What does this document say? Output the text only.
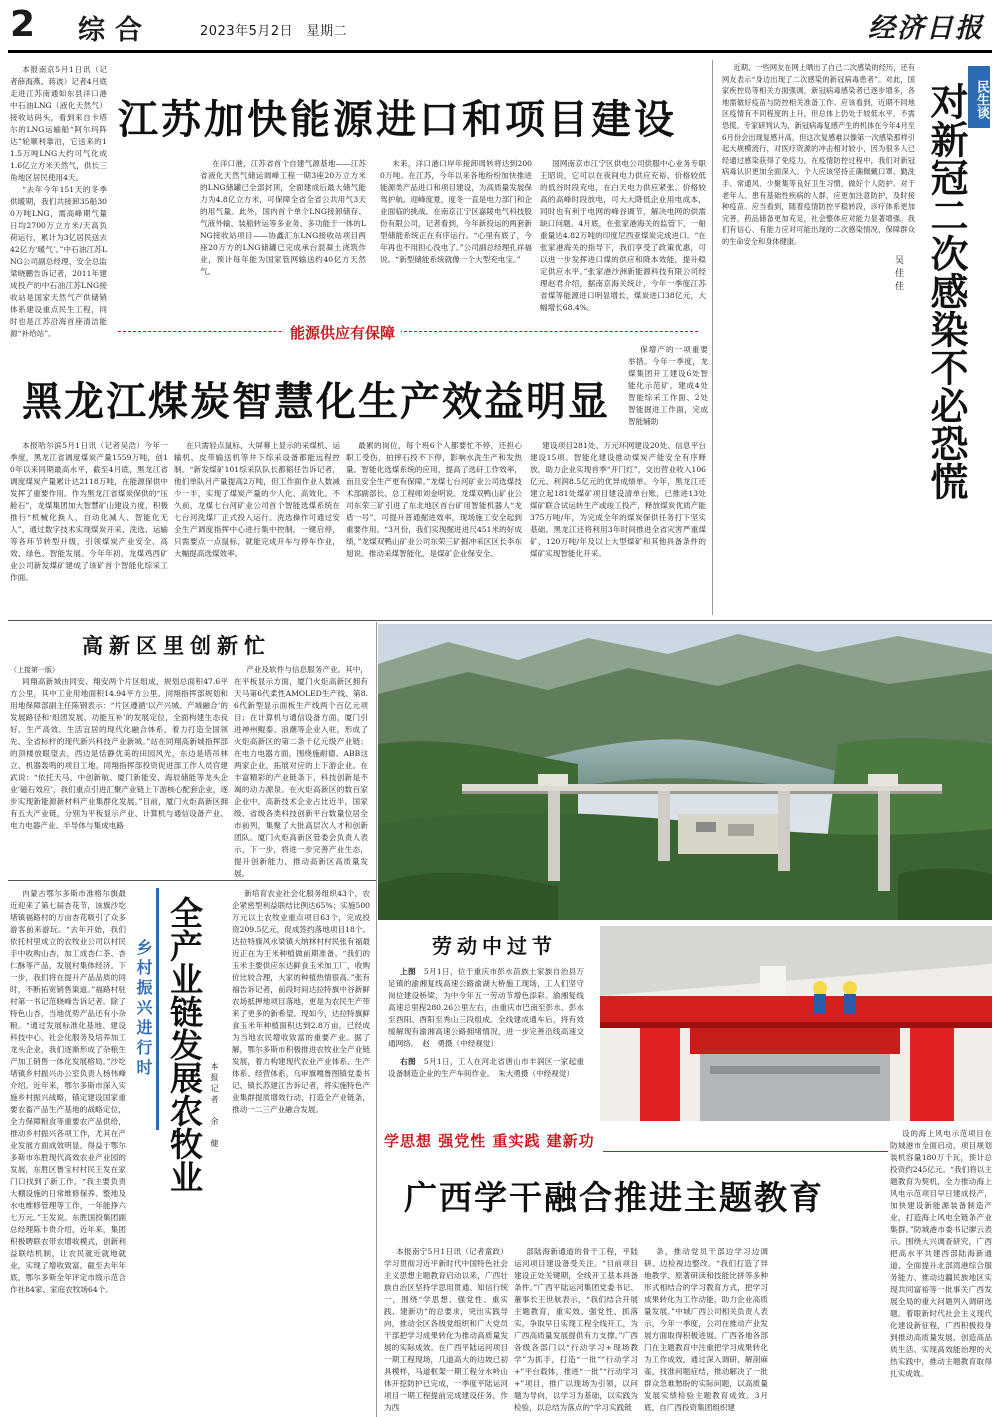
2 综合	2023年5月2日　星期二	经济日报

本报南京5月1日讯（记者薛海燕、蒋波）记者4月底走进江苏南通如东县洋口港中石油LNG（液化天然气）接收站码头，看到来自卡塔尔的LNG运输船“阿尔玛阵达”轮顺利靠泊，它送来的11.5万吨LNG大约可气化成1.6亿立方米天然气，供长三角地区居民使用4天。

“去年今年151天的冬季供暖期，我们共接卸35船300万吨LNG，需高峰期气量日均2700万立方米/天高负荷运行，累计为3亿居民送去42亿方‘暖气’。”中石油江苏LNG公司副总经理、安全总监梁晓鹏告诉记者，2011年建成投产的中石油江苏LNG接收站是国家天然气产供储销体系建设重点民生工程，同时也是江苏沿海首座清洁能源“补给站”。

江苏加快能源进口和项目建设

在洋口港，江苏省首个自建气源基地——江苏省液化天然气储运调峰工程一期3座20万立方米的LNG储罐已全部封顶，全面建成后最大储气能力为4.8亿立方米，可保障全省全省公共用气3天的用气量。此外，国内首个单个LNG接卸储存、气液外输、装船转运等多业务、多功能于一体的LNG接收站项目——协鑫汇东LNG接收站项目两座20万方的LNG储罐已完成承台混凝土浇筑作业，预计每年能为国家管网输送约40亿方天然气。

未来，洋口港口岸年接卸周转将达到2000万吨。在江苏，今年以来各地纷纷加快推进能源类产品进口和项目建设，为高质量发展保驾护航。迎峰度夏，度冬一直是电力部门和企业面临的挑战。在南京江宁区嘉陵电气科技股份有限公司，记者看到，今年新投运的两套新型储能系统正在有序运行。“心里有底了，今年再也不用担心没电了。”公司副总经理孔祥福说。“新型储能系统就像一个大型充电宝。”

国网南京市江宁区供电公司供服中心业务专职王昭说，它可以在夜间电力供应充裕、价格较低的低谷时段充电，在白天电力供应紧张、价格较高的高峰时段放电，可大大降低企业用电成本，同时也有利于电网的峰谷调节，解决电网的供需缺口问题。4月底，在张家港海关的监管下，一船重量达4.82万吨的印度尼西亚煤炭完成进口。“在张家港海关的指导下，我们享受了政策优惠，可以进一步发挥进口煤的供应和降本效能，提升稳定供应水平。”张家港沙洲新能源科技有限公司经理赵君介绍，据南京海关统计，今年一季度江苏省煤等能源进口明显增长，煤炭进口38亿元，大幅增长68.4%。

近期，一些网友在网上晒出了自己二次感染的经历，还有网友表示“身边出现了二次感染的新冠病毒患者”。对此，国家疾控局等相关方面强调，新冠病毒感染者已逐步增多，各地需做好疫苗与防控相关准备工作。应该看到，近期不同地区疫情有不同程度的上升，但总体上仍处于较低水平，不需恐慌。专家研判认为，新冠病毒复感产生的机体在今年4月至6月份会出现复感升高，但这次复感难以像第一次感染那样引起大规模流行，对医疗资源的冲击相对较小，因为很多人已经通过感染获得了免疫力。在疫情防控过程中，我们对新冠病毒认识更加全面深入。个人应该坚持正确佩戴口罩、勤洗手、常通风、少聚集等良好卫生习惯，做好个人防护。对于老年人、患有基础性疾病的人群，应更加注意防护，及时接种疫苗。应当看到，随着疫情防控平稳转段，诊疗体系更加完善，药品储备更加充足，社会整体应对能力显著增强。我们有信心、有能力应对可能出现的二次感染情况，保障群众的生命安全和身体健康。

民生谈
对新冠二次感染不必恐慌
吴佳佳
能源供应有保障
黑龙江煤炭智慧化生产效益明显

保增产的一项重要举措。今年一季度，龙煤集团开工建设6处智能化示范矿，建成4处智能综采工作面、2处智能掘进工作面，完成智能辅助

本报哈尔滨5月1日讯（记者吴浩）今年一季度，黑龙江省调度煤炭产量1559万吨，创10年以来同期最高水平，截至4月底，黑龙江省调度煤炭产量累计达2118万吨，在能源保供中发挥了重要作用。作为黑龙江省煤炭保供的“压舱石”，龙煤集团加大智慧矿山建设力度，积极推行“机械化换人、自动化减人、智能化无人”，通过数字技术实现煤炭开采、洗选、运输等各环节转型升级，引领煤炭产业安全、高效、绿色、智能发展。今年年初，龙煤鸡西矿业公司新发煤矿建成了该矿首个智能化综采工作面。

在只需轻点鼠标，大屏幕上显示的采煤机、运输机、皮带输送机等井下综采设备都能远程控制。“新发煤矿101综采队队长都韬任告诉记者，他们单队月产量提高2万吨，但工作面作业人数减少一半，实现了煤炭产量的少人化、高效化。不久前，龙煤七台河矿业公司首个智能选煤系统在七台河洗煤厂正式投入运行。洗选操作可通过安全生产调度指挥中心进行集中控制，一键启停，只需要点一点鼠标，就能完成开车与停车作业，大幅提高选煤效率。

最累的岗位，每个班6个人都要忙不停，还担心职工受伤，拍摔石投不下停，影响水洗生产和发热量。智能化选煤系统的应用，提高了选矸工作效率，而且安全生产更有保障。”龙煤七台河矿业公司选煤技术部副部长、总工程师刘金明说。龙煤双鸭山矿业公司东荣三矿引进了东北地区首台矿用智能机器人“龙盾一号”，可提升普通掘进效率，现场施工安全起到重要作用。“3月份，我们实现掘进进尺451米的好成绩，”龙煤双鸭山矿业公司东荣三矿掘冲采区区长李东旭说。推动采煤智能化，是煤矿企业保安全、

建设项目281处、万元环网建设20处、信息平台建设15项。智能化建设推动煤炭产能安全有序释放，助力企业实现首季“开门红”，交出营业收入106亿元、利润8.5亿元的优异成绩单。今年，黑龙江还建立起181处煤矿项目建设清单台账，已推进13处煤矿联合试运转生产或竣工投产，释放煤炭优质产能375万吨/年，为完成全年的煤炭保供任务打下坚实基础。黑龙江还将利用3年时间推进全省灾害严重煤矿、120万吨/年及以上大型煤矿和其他具备条件的煤矿实现智能化开采。

高新区里创新忙
（上接第一版）

同翔高新城由同安、翔安两个片区组成，规划总面积47.6平方公里，其中工业用地面积14.94平方公里。同翔指挥部规划和用地保障部副主任陈钢表示：“片区遵循‘以产兴城、产城融合’的发展路径和‘组团发展、功能互补’的发展定位，全面构建生态良好、生产高效、生活宜居的现代化融合体系，着力打造全国领先、全省标杆的现代新兴科技产业新城。”站在同翔高新城指挥部的顶楼放眼望去，西边是恬静优美的田园风光，东边是塔吊林立、机器轰鸣的项目工地。同翔指挥部投资促进部工作人员官建武说：“依托天马、中创新航、厦门新能安、海辰储能等龙头企业‘磁石效应’，我们重点引进汇聚产业链上下游核心配套企业，逐步实现新能源新材料产业集群化发展。”目前，厦门火炬高新区拥有五大产业链，分别为平板显示产业、计算机与通信设备产业、电力电器产业、半导体与集成电路

产业及软件与信息服务产业。其中，在平板显示方面，厦门火炬高新区拥有天马第6代柔性AMOLED生产线、第8.6代新型显示面板生产线两个百亿元项目；在计算机与通信设备方面，厦门引进神州鲲泰、浪潮等企业入驻，形成了火炬高新区的第二条千亿元级产业链；在电力电器方面，围绕施耐德、ABB这两家企业，拓展对应的上下游企业。在丰富精彩的产业链条下，科技创新是不竭的动力源泉。在火炬高新区的数百家企业中，高新技术企业占比近半，国家级、省级各类科技创新平台数量位居全市前列，集聚了大批高层次人才和创新团队。厦门火炬高新区管委会负责人表示，下一步，将进一步完善产业生态，提升创新能力，推动高新区高质量发展。

内蒙古鄂尔多斯市准格尔旗最近迎来了第七届杏花节，该旗沙圪堵镇福路村的万亩杏花吸引了众多游客前来游玩。“去年开始，我们依托村里成立的农牧业公司以村民手中收购山杏，加工成杏仁茶、杏仁酥等产品，发展村集体经济。下一步，我们将在提升产品品质的同时，不断拓宽销售渠道。”福路村驻村第一书记范晓峰告诉记者。除了特色山杏，当地优势产品还有小杂粮。“通过发展标准化基地、建设科技中心、社会化服务及培养加工龙头企业，我们逐渐形成了杂粮生产加工销售一体化发展格局。”沙圪堵镇乡村振兴办公室负责人杨伟峰介绍。近年来，鄂尔多斯市深入实施乡村振兴战略，锚定建设国家重要农畜产品生产基地的战略定位，全力保障粮食等重要农产品供给，推动乡村振兴各项工作，尤其在产业发展方面成效明显。得益于鄂尔多斯市东胜现代高效农业产业园的发展，东胜区鲁宝村村民王发在家门口找到了新工作。“我主要负责大棚设施的日常维修保养、整地及水电维修管理等工作，一年能挣六七万元。”王发说。东胜国投集团副总经理陈卡贵介绍，近年来，集团积极聘联农带农增收模式，创新利益联结机制，让农民就近就地就业，实现了增收致富。截至去年年底，鄂尔多斯全年评定市级示范合作社84家、家庭农牧场64个。

乡村振兴进行时 全产业链发展农牧业 本报记者　余　健

新培育农业社会化服务组织43个，农企紧密型利益联结比例达65%；实施500万元以上农牧业重点项目63个，完成投资209.5亿元，促成签约落地项目18个。达拉特旗风水梁镇大纳林村村民张有福最近正在为王米种植做前期准备。“我们的玉米主要供应东达鲜食玉米加工厂，收购价比较合理，大家的种植热情很高。”张有福告诉记者，前段时间达拉特旗中谷新鲜农场抵押地项目落地，更是为农民生产带来了更多的新希望。现如今，达拉特旗鲜食玉米年种植面积达到2.8万亩，已经成为当地农民增收致富的重要产业。据了解，鄂尔多斯市积极推进农牧业全产业链发展，着力构建现代农业产业体系、生产体系、经营体系。乌审旗嘎鲁图镇党委书记、镇长苏建江告诉记者，将实施特色产业集群提质增效行动，打造全产业链条，推动一二三产业融合发展。

劳动中过节

上图　 5月1日，位于重庆市彭水苗族土家族自治县万足镇的渝湘复线高速公路渝湖大桥施工现场，工人们坚守岗位建设桥梁，为中今年五一劳动节增色添彩。渝湘复线高速总里程280.26公里左右，由重庆市巴南至彭水、彭水至酉阳、酉阳至秀山三段组成。全线建成通车后，将有效缓解现有渝湘高速公路拥堵情况，进一步完善沿线高速交通网络。　 赵　勇摄（中经视觉）

右图　 5月1日，工人在河北省唐山市丰润区一家起重设备制造企业的生产车间作业。　 朱大勇摄（中经视觉）

学思想 强党性 重实践 建新功
广西学干融合推进主题教育

设的海上风电示范项目在防城港市全面启动，项目规划装机容量180万千瓦，预计总投资约245亿元。“我们将以主题教育为契机，全力推动海上风电示范项目早日建成投产，加快建设新能源装备制造产业，打造海上风电全链条产业集群。”防城港市委书记廖云表示。围绕大兴调查研究，广西把高水平共建西部陆海新通道、全面提升北部湾港综合服务能力、推动边疆民族地区实现共同富裕等一批事关广西发展全局的重大问题列入调研选题。着眼新时代社会主义现代化建设新征程，广西积极投身到推动高质量发展、创造高品质生活、实现高效能治理的火热实践中，推动主题教育取得扎实成效。

本报南宁5月1日讯（记者童政）学习贯彻习近平新时代中国特色社会主义思想主题教育启动以来，广西壮族自治区坚持学思用贯通、知信行统一，围绕“学思想、强党性、重实践、建新功”的总要求，突出实践导向，推动全区各级党组织和广大党员干部把学习成果转化为推动高质量发展的实际成效。在广西平陆运河项目一期工程现场，几道高大的边坡已初具模样，马道框架一期工程分水岭山体开挖防护已完成，一季度平陆运河项目一期工程提前完成建设任务，作为西

部陆海新通道的骨干工程，平陆运河项目建设备受关注。“目前项目建设正处关键期，全线开工基本具备条件。”广西平陆运河集团党委书记、董事长王世航表示，“我们结合开展主题教育，重实效、强党性、抓落实，争取早日实现工程全线开工，为广西高质量发展提供有力支撑。”广西各级各部门以“行动学习+现场教学”为抓手，打造“一批”“行动学习+”平台载体，推进“一批”“行动学习+”项目，推广以现场为引领，以问题为导向，以学习为基础，以实践为检验，以总结为落点的“学习实践链

条，推动党员干部边学习边调研、边检视边整改。“我们打造了异地教学、原著研读和技能比拼等多种形式相结合的学习教育方式，把学习成果转化为工作动能，助力企业高质量发展。”中城广西公司相关负责人表示，今年一季度，公司在推动产业发展方面取得积极进展。广西各地各部门在主题教育中注重把学习成果转化为工作成效，通过深入调研、解剖麻雀，找准问题症结，推动解决了一批群众急难愁盼的实际问题，以高质量发展实绩检验主题教育成效。3月底，自广西投资集团组织建
